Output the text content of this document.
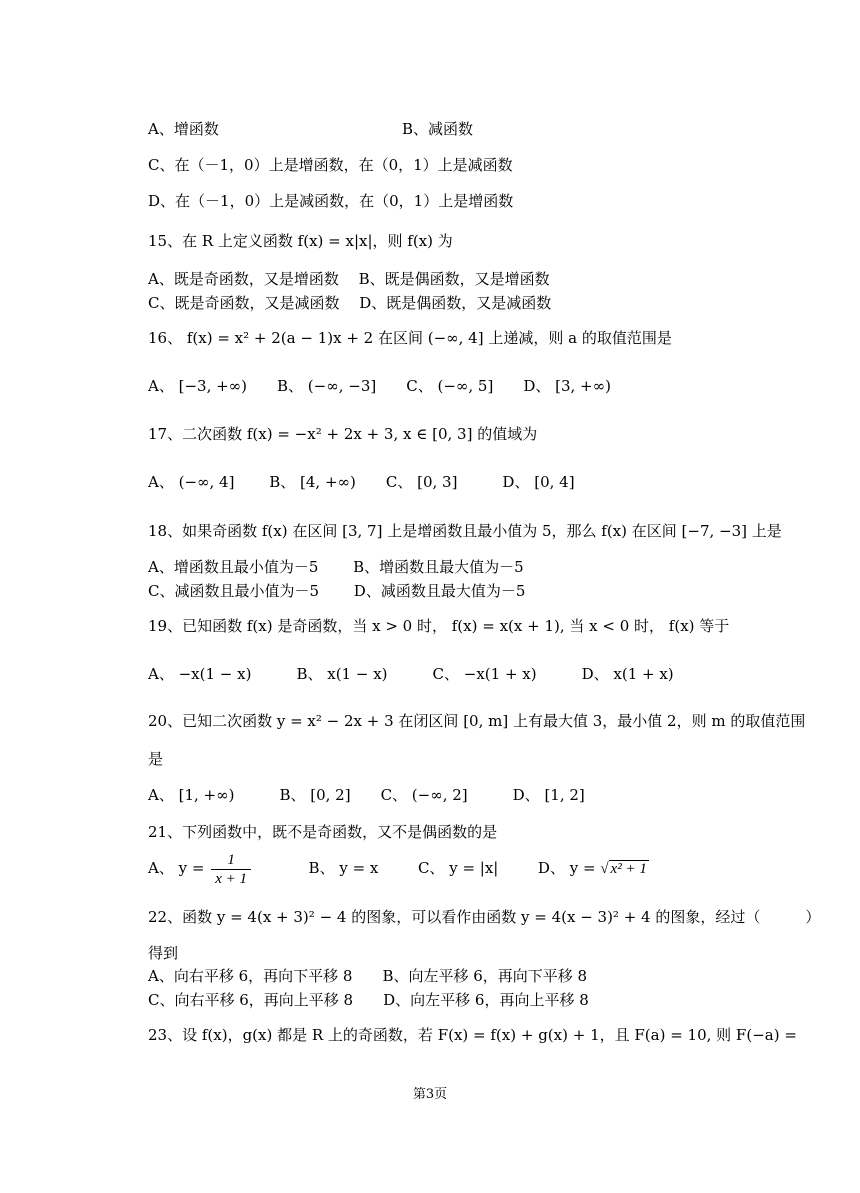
A、增函数	B、减函数
C、在（－1，0）上是增函数，在（0，1）上是减函数
D、在（－1，0）上是减函数，在（0，1）上是增函数
15、在 R 上定义函数 f(x) = x|x|，则 f(x) 为
A、既是奇函数，又是增函数　 B、既是偶函数，又是增函数
C、既是奇函数，又是减函数　 D、既是偶函数，又是减函数
16、 f(x) = x² + 2(a − 1)x + 2 在区间 (−∞, 4] 上递减，则 a 的取值范围是
A、 [−3, +∞)　　B、 (−∞, −3]　　C、 (−∞, 5]　　D、 [3, +∞)
17、二次函数 f(x) = −x² + 2x + 3, x ∈ [0, 3] 的值域为
A、 (−∞, 4]　　 B、 [4, +∞)　　C、 [0, 3]　　　D、 [0, 4]
18、如果奇函数 f(x) 在区间 [3, 7] 上是增函数且最小值为 5，那么 f(x) 在区间 [−7, −3] 上是
A、增函数且最小值为－5　　 B、增函数且最大值为－5
C、减函数且最小值为－5　　 D、减函数且最大值为－5
19、已知函数 f(x) 是奇函数，当 x > 0 时， f(x) = x(x + 1), 当 x < 0 时， f(x) 等于
A、 −x(1 − x)　　　B、 x(1 − x)　　　C、 −x(1 + x)　　　D、 x(1 + x)
20、已知二次函数 y = x² − 2x + 3 在闭区间 [0, m] 上有最大值 3，最小值 2，则 m 的取值范围
是
A、 [1, +∞)　　　B、 [0, 2]　　C、 (−∞, 2]　　　D、 [1, 2]
21、下列函数中，既不是奇函数，又不是偶函数的是
A、 $y = \frac{1}{x + 1}$	B、 y = x	C、 y = |x|	D、 y = √ x² + 1
22、函数 y = 4(x + 3)² − 4 的图象，可以看作由函数 y = 4(x − 3)² + 4 的图象，经过（　　　）
得到
A、向右平移 6，再向下平移 8　　B、向左平移 6，再向下平移 8
C、向右平移 6，再向上平移 8　　D、向左平移 6，再向上平移 8
23、设 f(x)，g(x) 都是 R 上的奇函数，若 F(x) = f(x) + g(x) + 1，且 F(a) = 10, 则 F(−a) =
第3页
